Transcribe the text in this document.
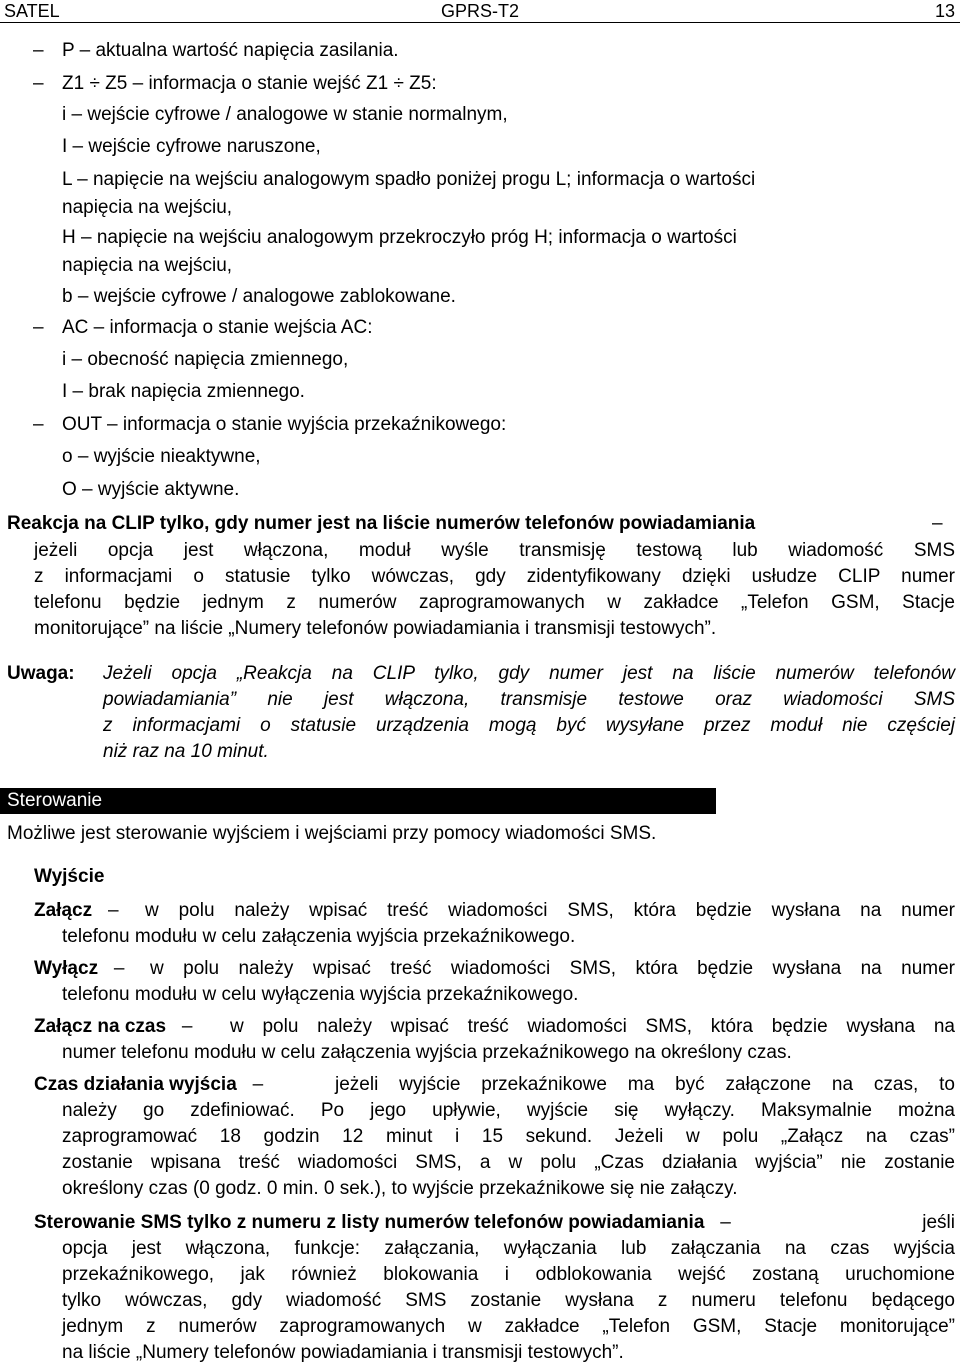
SATEL	GPRS-T2	13
P – aktualna wartość napięcia zasilania.
Z1 ÷ Z5 – informacja o stanie wejść Z1 ÷ Z5:
i – wejście cyfrowe / analogowe w stanie normalnym,
I – wejście cyfrowe naruszone,
L – napięcie na wejściu analogowym spadło poniżej progu L; informacja o wartości
napięcia na wejściu,
H – napięcie na wejściu analogowym przekroczyło próg H; informacja o wartości
napięcia na wejściu,
b – wejście cyfrowe / analogowe zablokowane.
AC – informacja o stanie wejścia AC:
i – obecność napięcia zmiennego,
I – brak napięcia zmiennego.
OUT – informacja o stanie wyjścia przekaźnikowego:
o – wyjście nieaktywne,
O – wyjście aktywne.
–
–
–
–
Reakcja na CLIP tylko, gdy numer jest na liście numerów telefonów powiadamiania	–
jeżeli opcja jest włączona, moduł wyśle transmisję testową lub wiadomość SMS
z informacjami o statusie tylko wówczas, gdy zidentyfikowany dzięki usłudze CLIP numer
telefonu będzie jednym z numerów zaprogramowanych w zakładce „Telefon GSM, Stacje
monitorujące” na liście „Numery telefonów powiadamiania i transmisji testowych”.
Uwaga: Jeżeli opcja „Reakcja na CLIP tylko, gdy numer jest na liście numerów telefonów
powiadamiania” nie jest włączona, transmisje testowe oraz wiadomości SMS
z informacjami o statusie urządzenia mogą być wysyłane przez moduł nie częściej
niż raz na 10 minut.
Sterowanie
Możliwe jest sterowanie wyjściem i wejściami przy pomocy wiadomości SMS.
Wyjście
Załącz – w polu należy wpisać treść wiadomości SMS, która będzie wysłana na numer
telefonu modułu w celu załączenia wyjścia przekaźnikowego.
Wyłącz – w polu należy wpisać treść wiadomości SMS, która będzie wysłana na numer
telefonu modułu w celu wyłączenia wyjścia przekaźnikowego.
Załącz na czas – w polu należy wpisać treść wiadomości SMS, która będzie wysłana na
numer telefonu modułu w celu załączenia wyjścia przekaźnikowego na określony czas.
Czas działania wyjścia –	jeżeli wyjście przekaźnikowe ma być załączone na czas, to
należy go zdefiniować. Po jego upływie, wyjście się wyłączy. Maksymalnie można
zaprogramować 18 godzin 12 minut i 15 sekund. Jeżeli w polu „Załącz na czas”
zostanie wpisana treść wiadomości SMS, a w polu „Czas działania wyjścia” nie zostanie
określony czas (0 godz. 0 min. 0 sek.), to wyjście przekaźnikowe się nie załączy.
Sterowanie SMS tylko z numeru z listy numerów telefonów powiadamiania –	jeśli
opcja jest włączona, funkcje: załączania, wyłączania lub załączania na czas wyjścia
przekaźnikowego, jak również blokowania i odblokowania wejść zostaną uruchomione
tylko wówczas, gdy wiadomość SMS zostanie wysłana z numeru telefonu będącego
jednym z numerów zaprogramowanych w zakładce „Telefon GSM, Stacje monitorujące”
na liście „Numery telefonów powiadamiania i transmisji testowych”.
